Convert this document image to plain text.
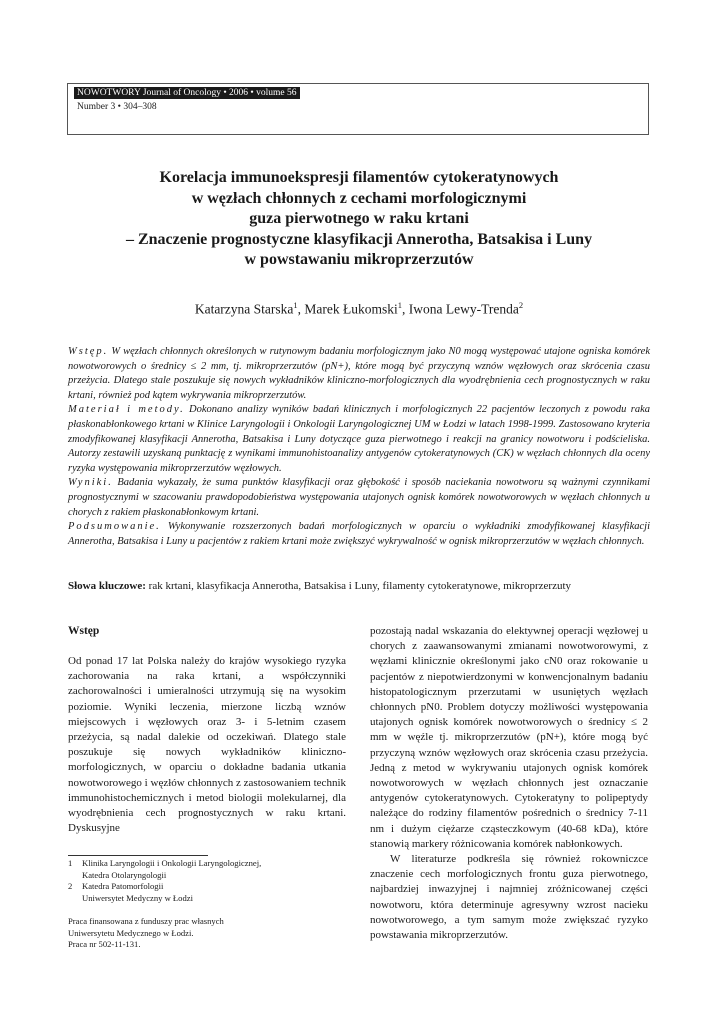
NOWOTWORY Journal of Oncology • 2006 • volume 56
Number 3 • 304–308
Korelacja immunoekspresji filamentów cytokeratynowych
w węzłach chłonnych z cechami morfologicznymi
guza pierwotnego w raku krtani
– Znaczenie prognostyczne klasyfikacji Annerotha, Batsakisa i Luny
w powstawaniu mikroprzerzutów
Katarzyna Starska$^1$, Marek Łukomski$^1$, Iwona Lewy-Trenda$^2$

Wstęp. W węzłach chłonnych określonych w rutynowym badaniu morfologicznym jako N0 mogą występować utajone ogniska komórek nowotworowych o średnicy ≤ 2 mm, tj. mikroprzerzutów (pN+), które mogą być przyczyną wznów węzłowych oraz skrócenia czasu przeżycia. Dlatego stale poszukuje się nowych wykładników kliniczno-morfologicznych dla wyodrębnienia cech prognostycznych w raku krtani, również pod kątem wykrywania mikroprzerzutów.

Materiał i metody. Dokonano analizy wyników badań klinicznych i morfologicznych 22 pacjentów leczonych z powodu raka płaskonabłonkowego krtani w Klinice Laryngologii i Onkologii Laryngologicznej UM w Łodzi w latach 1998-1999. Zastosowano kryteria zmodyfikowanej klasyfikacji Annerotha, Batsakisa i Luny dotyczące guza pierwotnego i reakcji na granicy nowotworu i podścieliska. Autorzy zestawili uzyskaną punktację z wynikami immunohistoanalizy antygenów cytokeratynowych (CK) w węzłach chłonnych dla oceny ryzyka występowania mikroprzerzutów węzłowych.

Wyniki. Badania wykazały, że suma punktów klasyfikacji oraz głębokość i sposób naciekania nowotworu są ważnymi czynnikami prognostycznymi w szacowaniu prawdopodobieństwa występowania utajonych ognisk komórek nowotworowych w węzłach chłonnych u chorych z rakiem płaskonabłonkowym krtani.

Podsumowanie. Wykonywanie rozszerzonych badań morfologicznych w oparciu o wykładniki zmodyfikowanej klasyfikacji Annerotha, Batsakisa i Luny u pacjentów z rakiem krtani może zwiększyć wykrywalność w ognisk mikroprzerzutów w węzłach chłonnych.

Słowa kluczowe: rak krtani, klasyfikacja Annerotha, Batsakisa i Luny, filamenty cytokeratynowe, mikroprzerzuty
Wstęp

Od ponad 17 lat Polska należy do krajów wysokiego ryzyka zachorowania na raka krtani, a współczynniki zachorowalności i umieralności utrzymują się na wysokim poziomie. Wyniki leczenia, mierzone liczbą wznów miejscowych i węzłowych oraz 3- i 5-letnim czasem przeżycia, są nadal dalekie od oczekiwań. Dlatego stale poszukuje się nowych wykładników kliniczno-morfologicznych, w oparciu o dokładne badania utkania nowotworowego i węzłów chłonnych z zastosowaniem technik immunohistochemicznych i metod biologii molekularnej, dla wyodrębnienia cech prognostycznych w raku krtani. Dyskusyjne

pozostają nadal wskazania do elektywnej operacji węzłowej u chorych z zaawansowanymi zmianami nowotworowymi, z węzłami klinicznie określonymi jako cN0 oraz rokowanie u pacjentów z niepotwierdzonymi w konwencjonalnym badaniu histopatologicznym przerzutami w usuniętych węzłach chłonnych pN0. Problem dotyczy możliwości występowania utajonych ognisk komórek nowotworowych o średnicy ≤ 2 mm w węźle tj. mikroprzerzutów (pN+), które mogą być przyczyną wznów węzłowych oraz skrócenia czasu przeżycia. Jedną z metod w wykrywaniu utajonych ognisk komórek nowotworowych w węzłach chłonnych jest oznaczanie antygenów cytokeratynowych. Cytokeratyny to polipeptydy należące do rodziny filamentów pośrednich o średnicy 7-11 nm i dużym ciężarze cząsteczkowym (40-68 kDa), które stanowią markery różnicowania komórek nabłonkowych.

W literaturze podkreśla się również rokowniczce znaczenie cech morfologicznych frontu guza pierwotnego, najbardziej inwazyjnej i najmniej zróżnicowanej części nowotworu, która determinuje agresywny wzrost nacieku nowotworowego, a tym samym może zwiększać ryzyko powstawania mikroprzerzutów.

1	Klinika Laryngologii i Onkologii Laryngologicznej,
Katedra Otolaryngologii
2	Katedra Patomorfologii
Uniwersytet Medyczny w Łodzi
Praca finansowana z funduszy prac własnych
Uniwersytetu Medycznego w Łodzi.
Praca nr 502-11-131.
